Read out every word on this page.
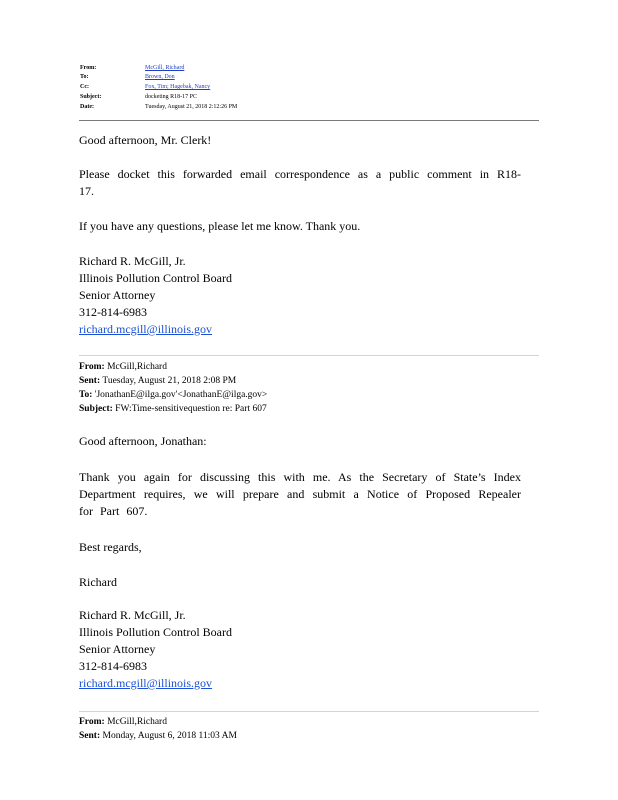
From:	McGill, Richard
To:	Brown, Don
Cc:	Fox, Tim; Hagebak, Nancy
Subject:	docketing R18-17 PC
Date:	Tuesday, August 21, 2018 2:12:26 PM
Good afternoon, Mr. Clerk!
Please docket this forwarded email correspondence as a public comment in R18-17.
If you have any questions, please let me know. Thank you.
Richard R. McGill, Jr.
Illinois Pollution Control Board
Senior Attorney
312-814-6983
richard.mcgill@illinois.gov
From: McGill,Richard
Sent: Tuesday, August 21, 2018 2:08 PM
To: 'JonathanE@ilga.gov'<JonathanE@ilga.gov>
Subject: FW:Time-sensitivequestion re: Part 607
Good afternoon, Jonathan:
Thank you again for discussing this with me. As the Secretary of State’s Index Department requires, we will prepare and submit a Notice of Proposed Repealer for Part 607.
Best regards,
Richard
Richard R. McGill, Jr.
Illinois Pollution Control Board
Senior Attorney
312-814-6983
richard.mcgill@illinois.gov
From: McGill,Richard
Sent: Monday, August 6, 2018 11:03 AM
